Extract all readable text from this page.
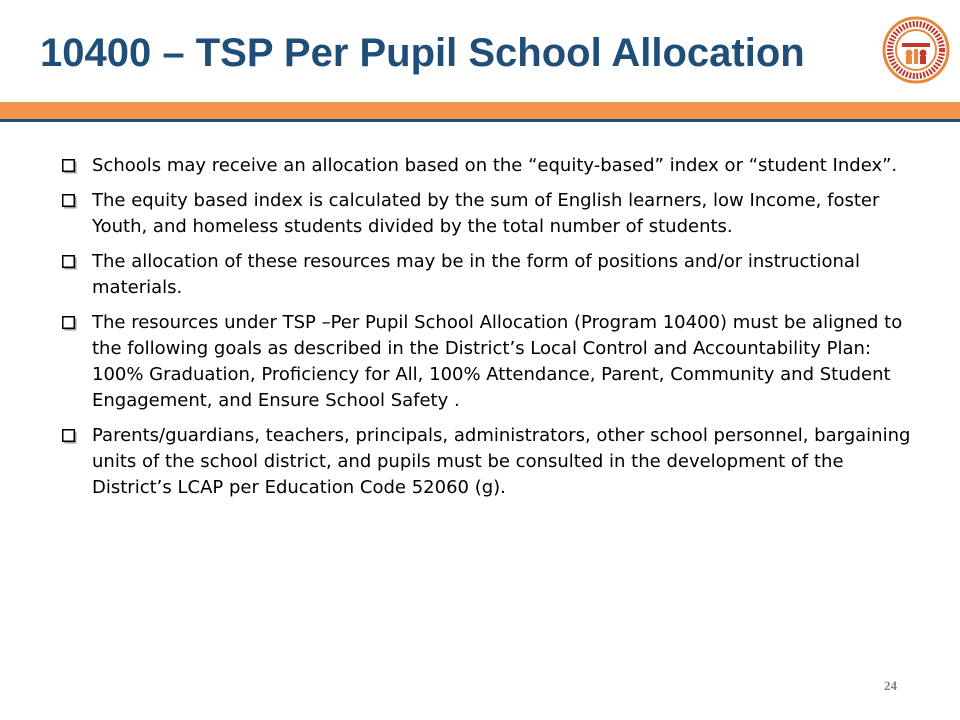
10400 – TSP Per Pupil School Allocation
Schools may receive an allocation based on the “equity-based” index or “student Index”.
The equity based index is calculated by the sum of English learners, low Income, foster Youth, and homeless students divided by the total number of students.
The allocation of these resources may be in the form of positions and/or instructional materials.
The resources under TSP –Per Pupil School Allocation (Program 10400) must be aligned to the following goals as described in the District’s Local Control and Accountability Plan: 100% Graduation, Proficiency for All, 100% Attendance, Parent, Community and Student Engagement, and Ensure School Safety .
Parents/guardians, teachers, principals, administrators, other school personnel, bargaining units of the school district, and pupils must be consulted in the development of the District’s LCAP per Education Code 52060 (g).
24
